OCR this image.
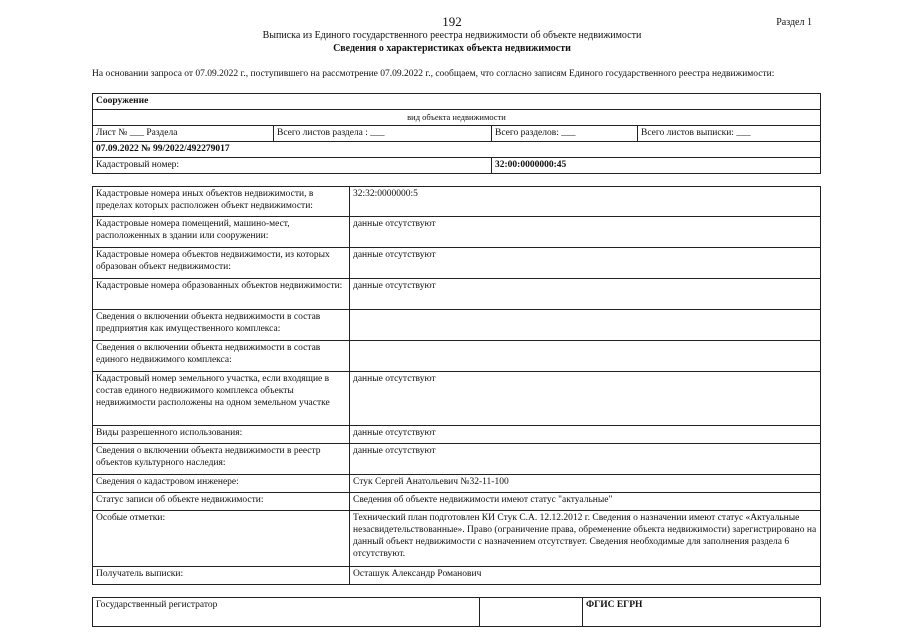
192	Раздел 1
Выписка из Единого государственного реестра недвижимости об объекте недвижимости
Сведения о характеристиках объекта недвижимости
На основании запроса от 07.09.2022 г., поступившего на рассмотрение 07.09.2022 г., сообщаем, что согласно записям Единого государственного реестра недвижимости:
Сооружение			
вид объекта недвижимости			
Лист № ___ Раздела	Всего листов раздела : ___	Всего разделов: ___	Всего листов выписки: ___
07.09.2022 № 99/2022/492279017			
Кадастровый номер:		32:00:0000000:45	
Кадастровые номера иных объектов недвижимости, в пределах которых расположен объект недвижимости:	32:32:0000000:5
Кадастровые номера помещений, машино-мест, расположенных в здании или сооружении:	данные отсутствуют
Кадастровые номера объектов недвижимости, из которых образован объект недвижимости:	данные отсутствуют
Кадастровые номера образованных объектов недвижимости:	данные отсутствуют
Сведения о включении объекта недвижимости в состав предприятия как имущественного комплекса:	
Сведения о включении объекта недвижимости в состав единого недвижимого комплекса:	
Кадастровый номер земельного участка, если входящие в состав единого недвижимого комплекса объекты недвижимости расположены на одном земельном участке	данные отсутствуют
Виды разрешенного использования:	данные отсутствуют
Сведения о включении объекта недвижимости в реестр объектов культурного наследия:	данные отсутствуют
Сведения о кадастровом инженере:	Стук Сергей Анатольевич №32-11-100
Статус записи об объекте недвижимости:	Сведения об объекте недвижимости имеют статус "актуальные"
Особые отметки:	Технический план подготовлен КИ Стук С.А. 12.12.2012 г. Сведения о назначении имеют статус «Актуальные незасвидетельствованные». Право (ограничение права, обременение объекта недвижимости) зарегистрировано на данный объект недвижимости с назначением отсутствует. Сведения необходимые для заполнения раздела 6 отсутствуют.
Получатель выписки:	Осташук Александр Романович
Государственный регистратор		ФГИС ЕГРН
